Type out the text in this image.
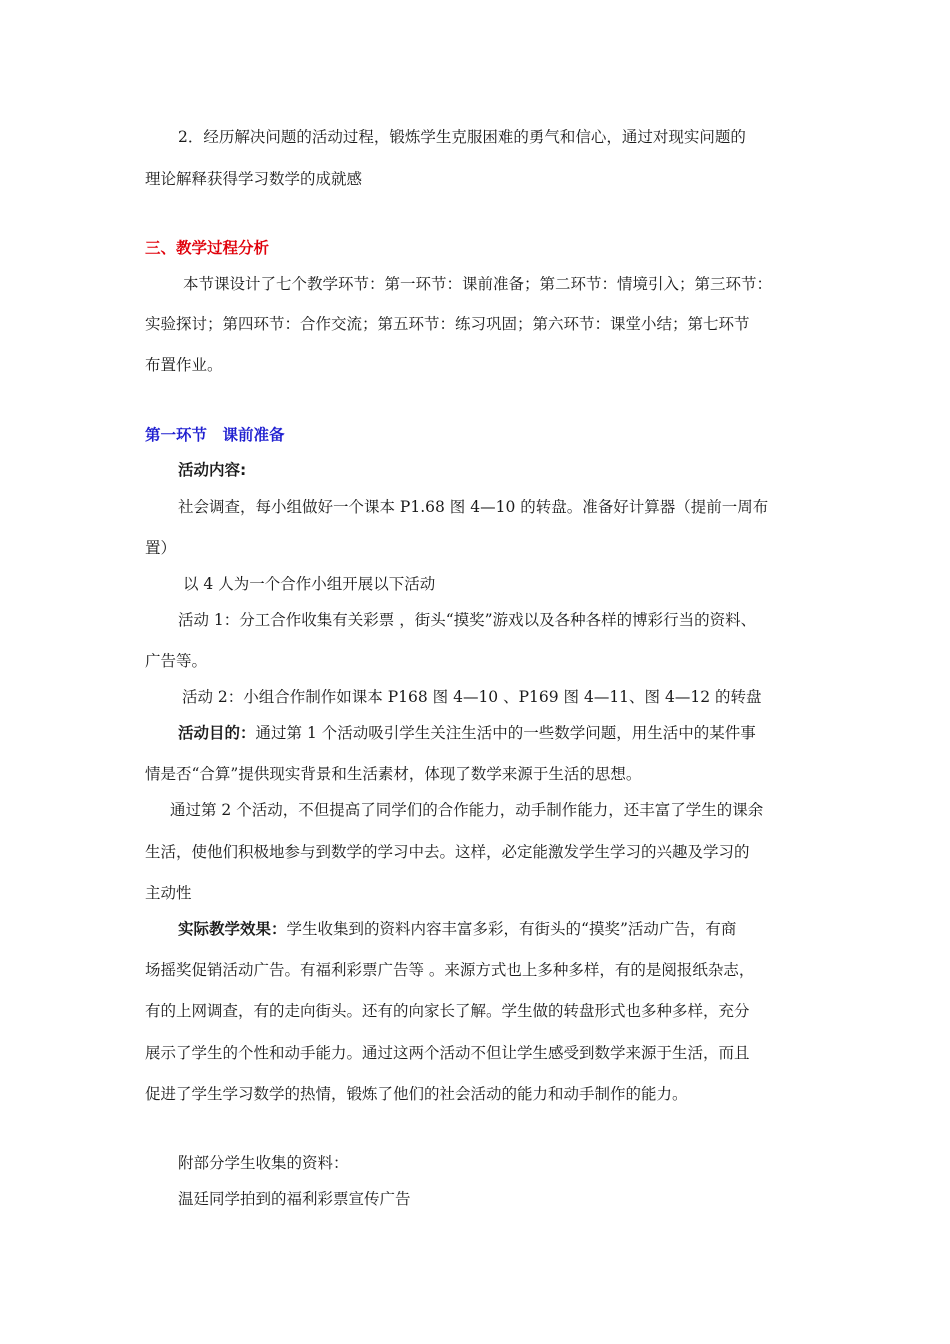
2．经历解决问题的活动过程，锻炼学生克服困难的勇气和信心，通过对现实问题的
理论解释获得学习数学的成就感
三、教学过程分析
本节课设计了七个教学环节：第一环节：课前准备；第二环节：情境引入；第三环节：
实验探讨；第四环节：合作交流；第五环节：练习巩固；第六环节：课堂小结；第七环节
布置作业。
第一环节　课前准备
活动内容:
社会调查，每小组做好一个课本 P1.68 图 4—10 的转盘。准备好计算器（提前一周布
置）
以 4 人为一个合作小组开展以下活动
活动 1：分工合作收集有关彩票 ，街头“摸奖”游戏以及各种各样的博彩行当的资料、
广告等。
活动 2：小组合作制作如课本 P168 图 4—10 、P169 图 4—11、图 4—12 的转盘
活动目的：通过第 1 个活动吸引学生关注生活中的一些数学问题，用生活中的某件事
情是否“合算”提供现实背景和生活素材，体现了数学来源于生活的思想。
通过第 2 个活动，不但提高了同学们的合作能力，动手制作能力，还丰富了学生的课余
生活，使他们积极地参与到数学的学习中去。这样，必定能激发学生学习的兴趣及学习的
主动性
实际教学效果：学生收集到的资料内容丰富多彩，有街头的“摸奖”活动广告，有商
场摇奖促销活动广告。有福利彩票广告等 。来源方式也上多种多样，有的是阅报纸杂志，
有的上网调查，有的走向街头。还有的向家长了解。学生做的转盘形式也多种多样，充分
展示了学生的个性和动手能力。通过这两个活动不但让学生感受到数学来源于生活，而且
促进了学生学习数学的热情，锻炼了他们的社会活动的能力和动手制作的能力。
附部分学生收集的资料：
温廷同学拍到的福利彩票宣传广告
